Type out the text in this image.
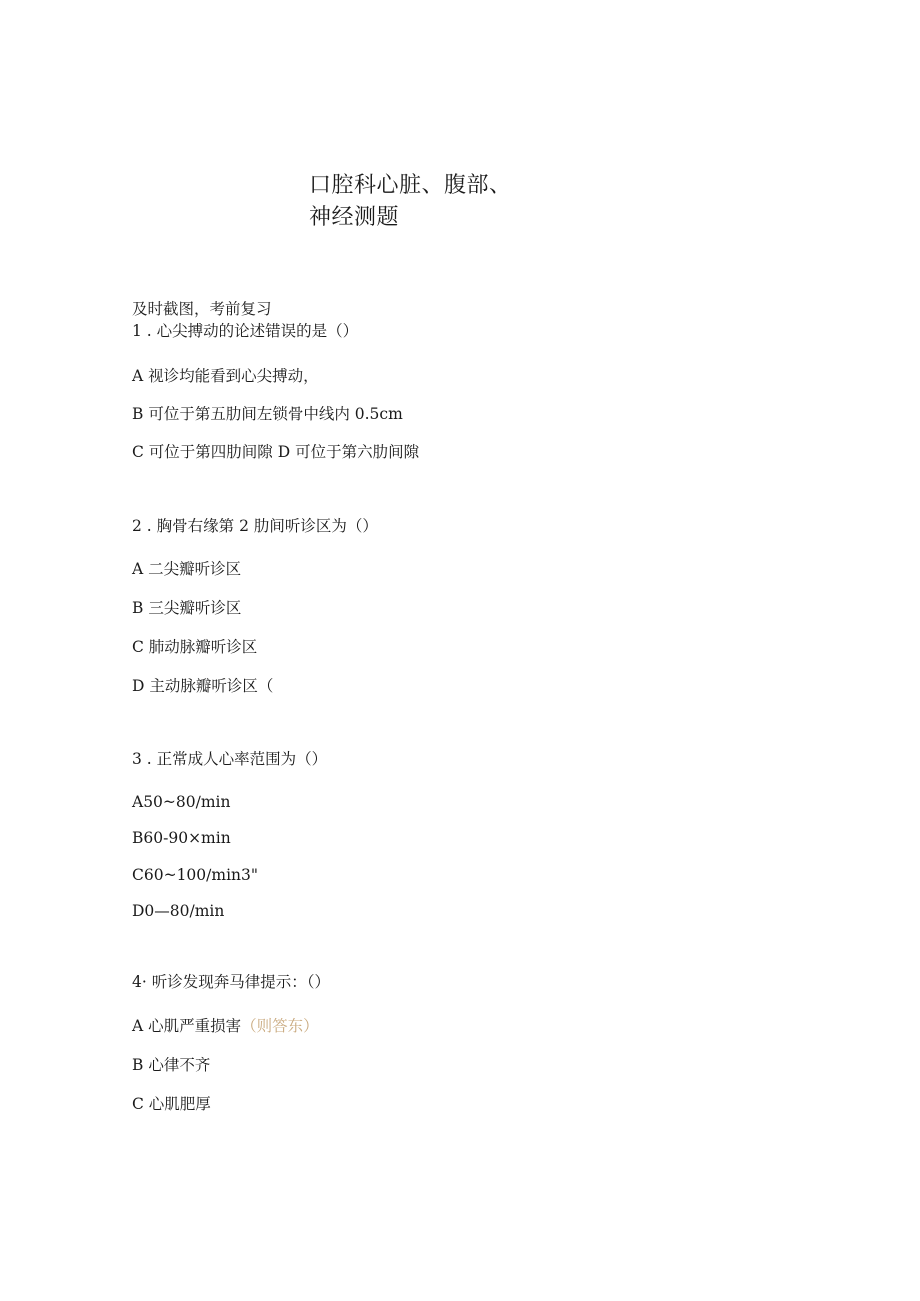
口腔科心脏、腹部、
神经测题
及时截图，考前复习
1 . 心尖搏动的论述错误的是（）
A 视诊均能看到心尖搏动，
B 可位于第五肋间左锁骨中线内 0.5cm
C 可位于第四肋间隙 D 可位于第六肋间隙
2 . 胸骨右缘第 2 肋间听诊区为（）
A 二尖瓣听诊区
B 三尖瓣听诊区
C 肺动脉瓣听诊区
D 主动脉瓣听诊区（
3 . 正常成人心率范围为（）
A50~80∕min
B60-90×min
C60~100∕min3"
D0—80/min
4· 听诊发现奔马律提示：（）
A 心肌严重损害（则答东）
B 心律不齐
C 心肌肥厚
